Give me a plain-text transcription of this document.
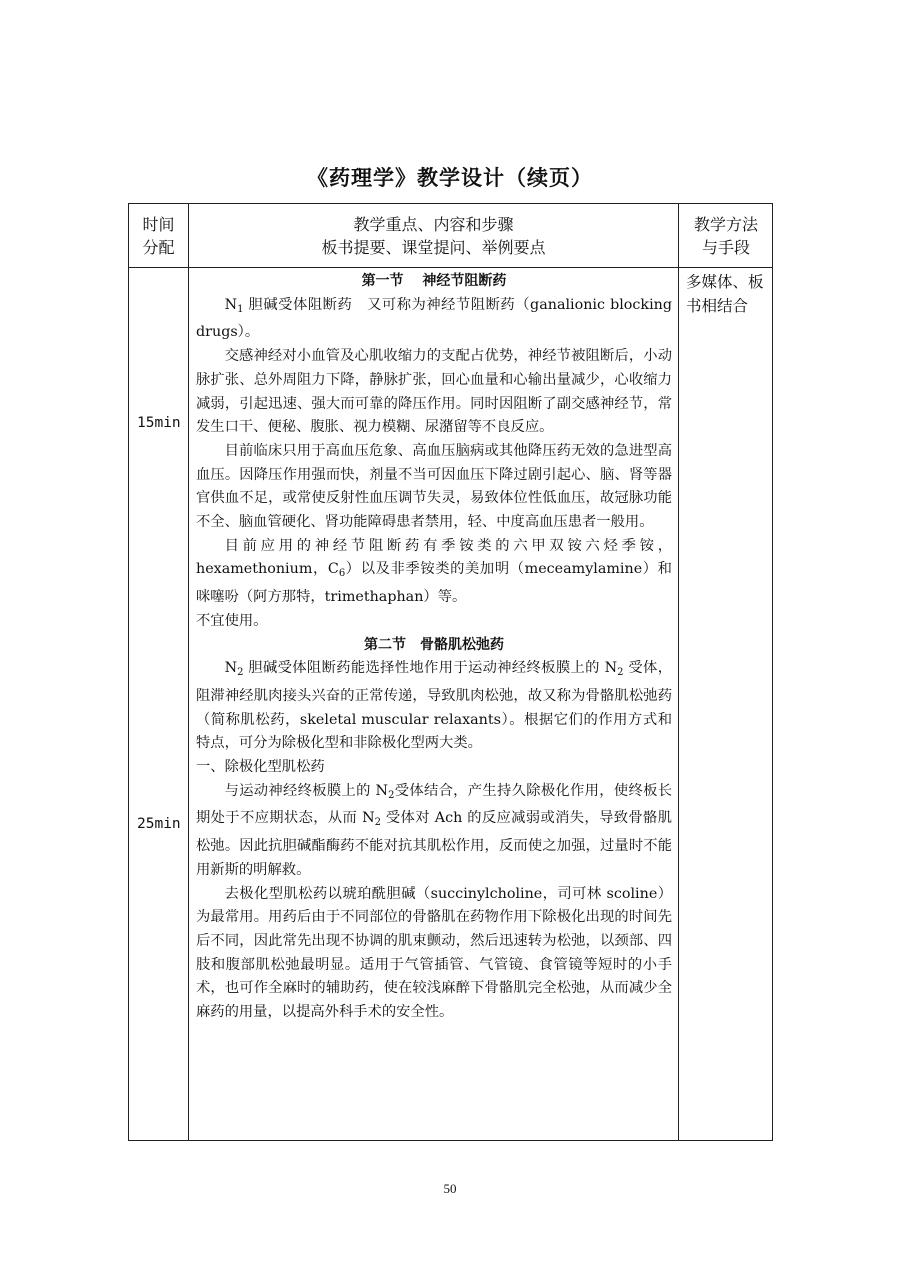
《药理学》教学设计（续页）
时间
分配
教学重点、内容和步骤
板书提要、课堂提问、举例要点
教学方法
与手段
15min
25min
多媒体、板书相结合

第一节　 神经节阻断药

$N_1$ 胆碱受体阻断药　又可称为神经节阻断药（ganalionic blocking drugs）。

交感神经对小血管及心肌收缩力的支配占优势，神经节被阻断后，小动脉扩张、总外周阻力下降，静脉扩张，回心血量和心输出量减少，心收缩力减弱，引起迅速、强大而可靠的降压作用。同时因阻断了副交感神经节，常发生口干、便秘、腹胀、视力模糊、尿潴留等不良反应。

目前临床只用于高血压危象、高血压脑病或其他降压药无效的急进型高血压。因降压作用强而快，剂量不当可因血压下降过剧引起心、脑、肾等器官供血不足，或常使反射性血压调节失灵，易致体位性低血压，故冠脉功能不全、脑血管硬化、肾功能障碍患者禁用，轻、中度高血压患者一般用。

目前应用的神经节阻断药有季铵类的六甲双铵六烃季铵，hexamethonium，$C_6$）以及非季铵类的美加明（meceamylamine）和咪噻吩（阿方那特，trimethaphan）等。

不宜使用。

第二节　骨骼肌松弛药

$N_2$ 胆碱受体阻断药能选择性地作用于运动神经终板膜上的 $N_2$ 受体，阻滞神经肌肉接头兴奋的正常传递，导致肌肉松弛，故又称为骨骼肌松弛药（简称肌松药，skeletal muscular relaxants）。根据它们的作用方式和特点，可分为除极化型和非除极化型两大类。

一、除极化型肌松药

与运动神经终板膜上的 $N_2$受体结合，产生持久除极化作用，使终板长期处于不应期状态，从而 $N_2$ 受体对 Ach 的反应减弱或消失，导致骨骼肌松弛。因此抗胆碱酯酶药不能对抗其肌松作用，反而使之加强，过量时不能用新斯的明解救。

去极化型肌松药以琥珀酰胆碱（succinylcholine，司可林 scoline）为最常用。用药后由于不同部位的骨骼肌在药物作用下除极化出现的时间先后不同，因此常先出现不协调的肌束颤动，然后迅速转为松弛，以颈部、四肢和腹部肌松弛最明显。适用于气管插管、气管镜、食管镜等短时的小手术，也可作全麻时的辅助药，使在较浅麻醉下骨骼肌完全松弛，从而减少全麻药的用量，以提高外科手术的安全性。

50
